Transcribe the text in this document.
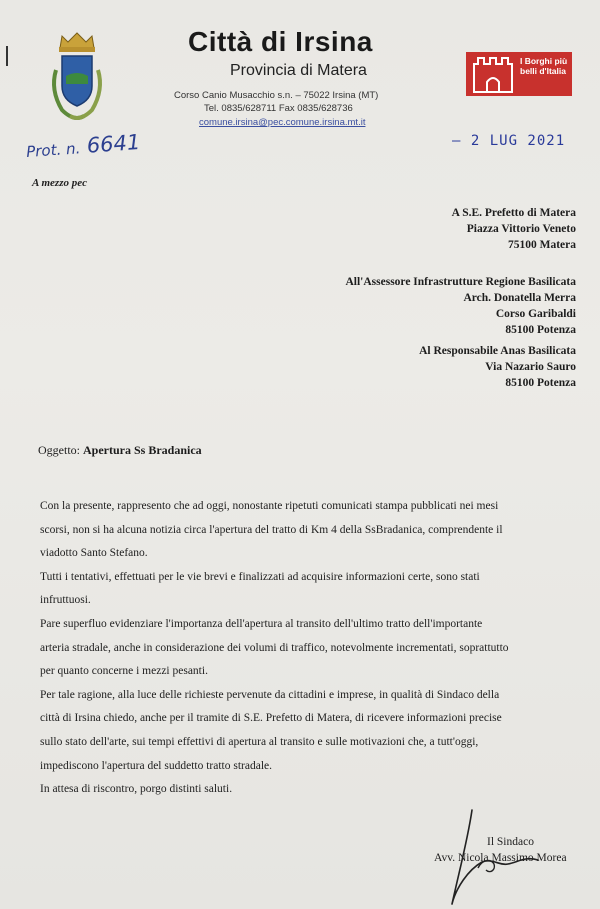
Città di Irsina
Provincia di Matera
Corso Canio Musacchio s.n. – 75022 Irsina (MT)
Tel. 0835/628711 Fax 0835/628736
comune.irsina@pec.comune.irsina.mt.it
I Borghi più belli d'Italia
Prot. n. 6641	– 2 LUG 2021
A mezzo pec
A S.E. Prefetto di Matera
Piazza Vittorio Veneto
75100 Matera
All'Assessore Infrastrutture Regione Basilicata
Arch. Donatella Merra
Corso Garibaldi
85100 Potenza
Al Responsabile Anas Basilicata
Via Nazario Sauro
85100 Potenza
Oggetto: Apertura Ss Bradanica

Con la presente, rappresento che ad oggi, nonostante ripetuti comunicati stampa pubblicati nei mesi

scorsi, non si ha alcuna notizia circa l'apertura del tratto di Km 4 della SsBradanica, comprendente il

viadotto Santo Stefano.

Tutti i tentativi, effettuati per le vie brevi e finalizzati ad acquisire informazioni certe, sono stati

infruttuosi.

Pare superfluo evidenziare l'importanza dell'apertura al transito dell'ultimo tratto dell'importante

arteria stradale, anche in considerazione dei volumi di traffico, notevolmente incrementati, soprattutto

per quanto concerne i mezzi pesanti.

Per tale ragione, alla luce delle richieste pervenute da cittadini e imprese, in qualità di Sindaco della

città di Irsina chiedo, anche per il tramite di S.E. Prefetto di Matera, di ricevere informazioni precise

sullo stato dell'arte, sui tempi effettivi di apertura al transito e sulle motivazioni che, a tutt'oggi,

impediscono l'apertura del suddetto tratto stradale.

In attesa di riscontro, porgo distinti saluti.

Il Sindaco
Avv. Nicola Massimo Morea
